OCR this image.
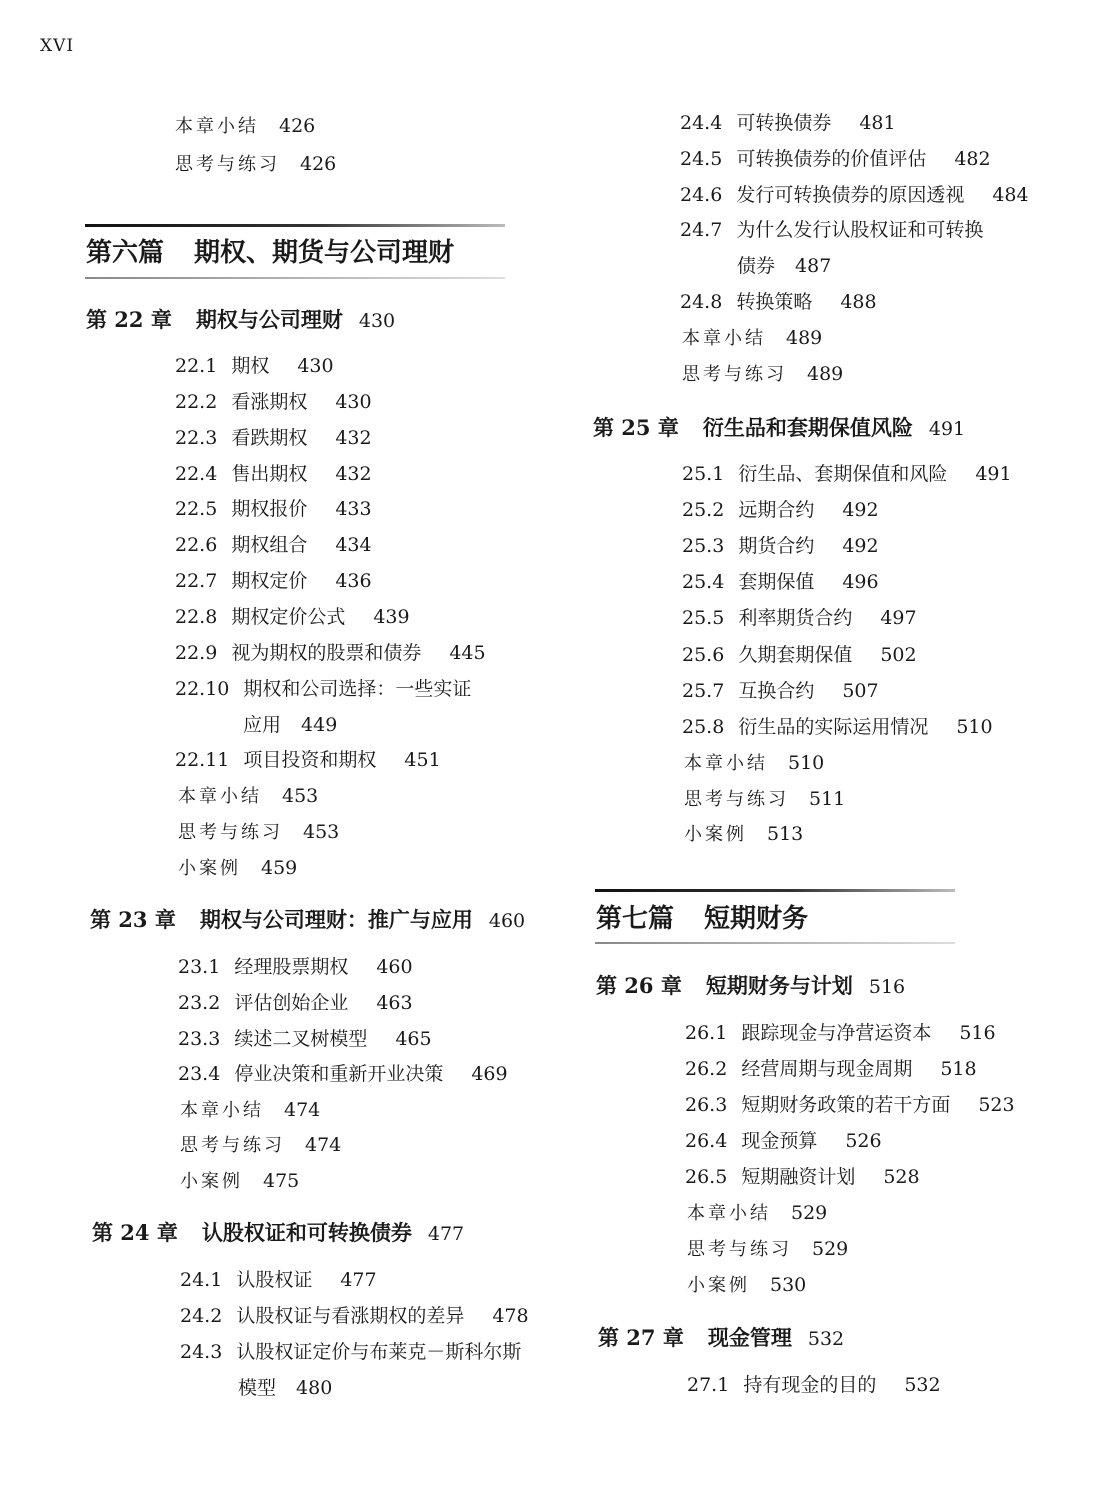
XVI
本章小结 426
思考与练习 426
第六篇 期权、期货与公司理财
第 22 章 期权与公司理财 430
22.1 期权 430
22.2 看涨期权 430
22.3 看跌期权 432
22.4 售出期权 432
22.5 期权报价 433
22.6 期权组合 434
22.7 期权定价 436
22.8 期权定价公式 439
22.9 视为期权的股票和债券 445
22.10 期权和公司选择：一些实证
应用 449
22.11 项目投资和期权 451
本章小结 453
思考与练习 453
小案例 459
第 23 章 期权与公司理财：推广与应用 460
23.1 经理股票期权 460
23.2 评估创始企业 463
23.3 续述二叉树模型 465
23.4 停业决策和重新开业决策 469
本章小结 474
思考与练习 474
小案例 475
第 24 章 认股权证和可转换债券 477
24.1 认股权证 477
24.2 认股权证与看涨期权的差异 478
24.3 认股权证定价与布莱克－斯科尔斯
模型 480
24.4 可转换债券 481
24.5 可转换债券的价值评估 482
24.6 发行可转换债券的原因透视 484
24.7 为什么发行认股权证和可转换
债券 487
24.8 转换策略 488
本章小结 489
思考与练习 489
第 25 章 衍生品和套期保值风险 491
25.1 衍生品、套期保值和风险 491
25.2 远期合约 492
25.3 期货合约 492
25.4 套期保值 496
25.5 利率期货合约 497
25.6 久期套期保值 502
25.7 互换合约 507
25.8 衍生品的实际运用情况 510
本章小结 510
思考与练习 511
小案例 513
第七篇 短期财务
第 26 章 短期财务与计划 516
26.1 跟踪现金与净营运资本 516
26.2 经营周期与现金周期 518
26.3 短期财务政策的若干方面 523
26.4 现金预算 526
26.5 短期融资计划 528
本章小结 529
思考与练习 529
小案例 530
第 27 章 现金管理 532
27.1 持有现金的目的 532
